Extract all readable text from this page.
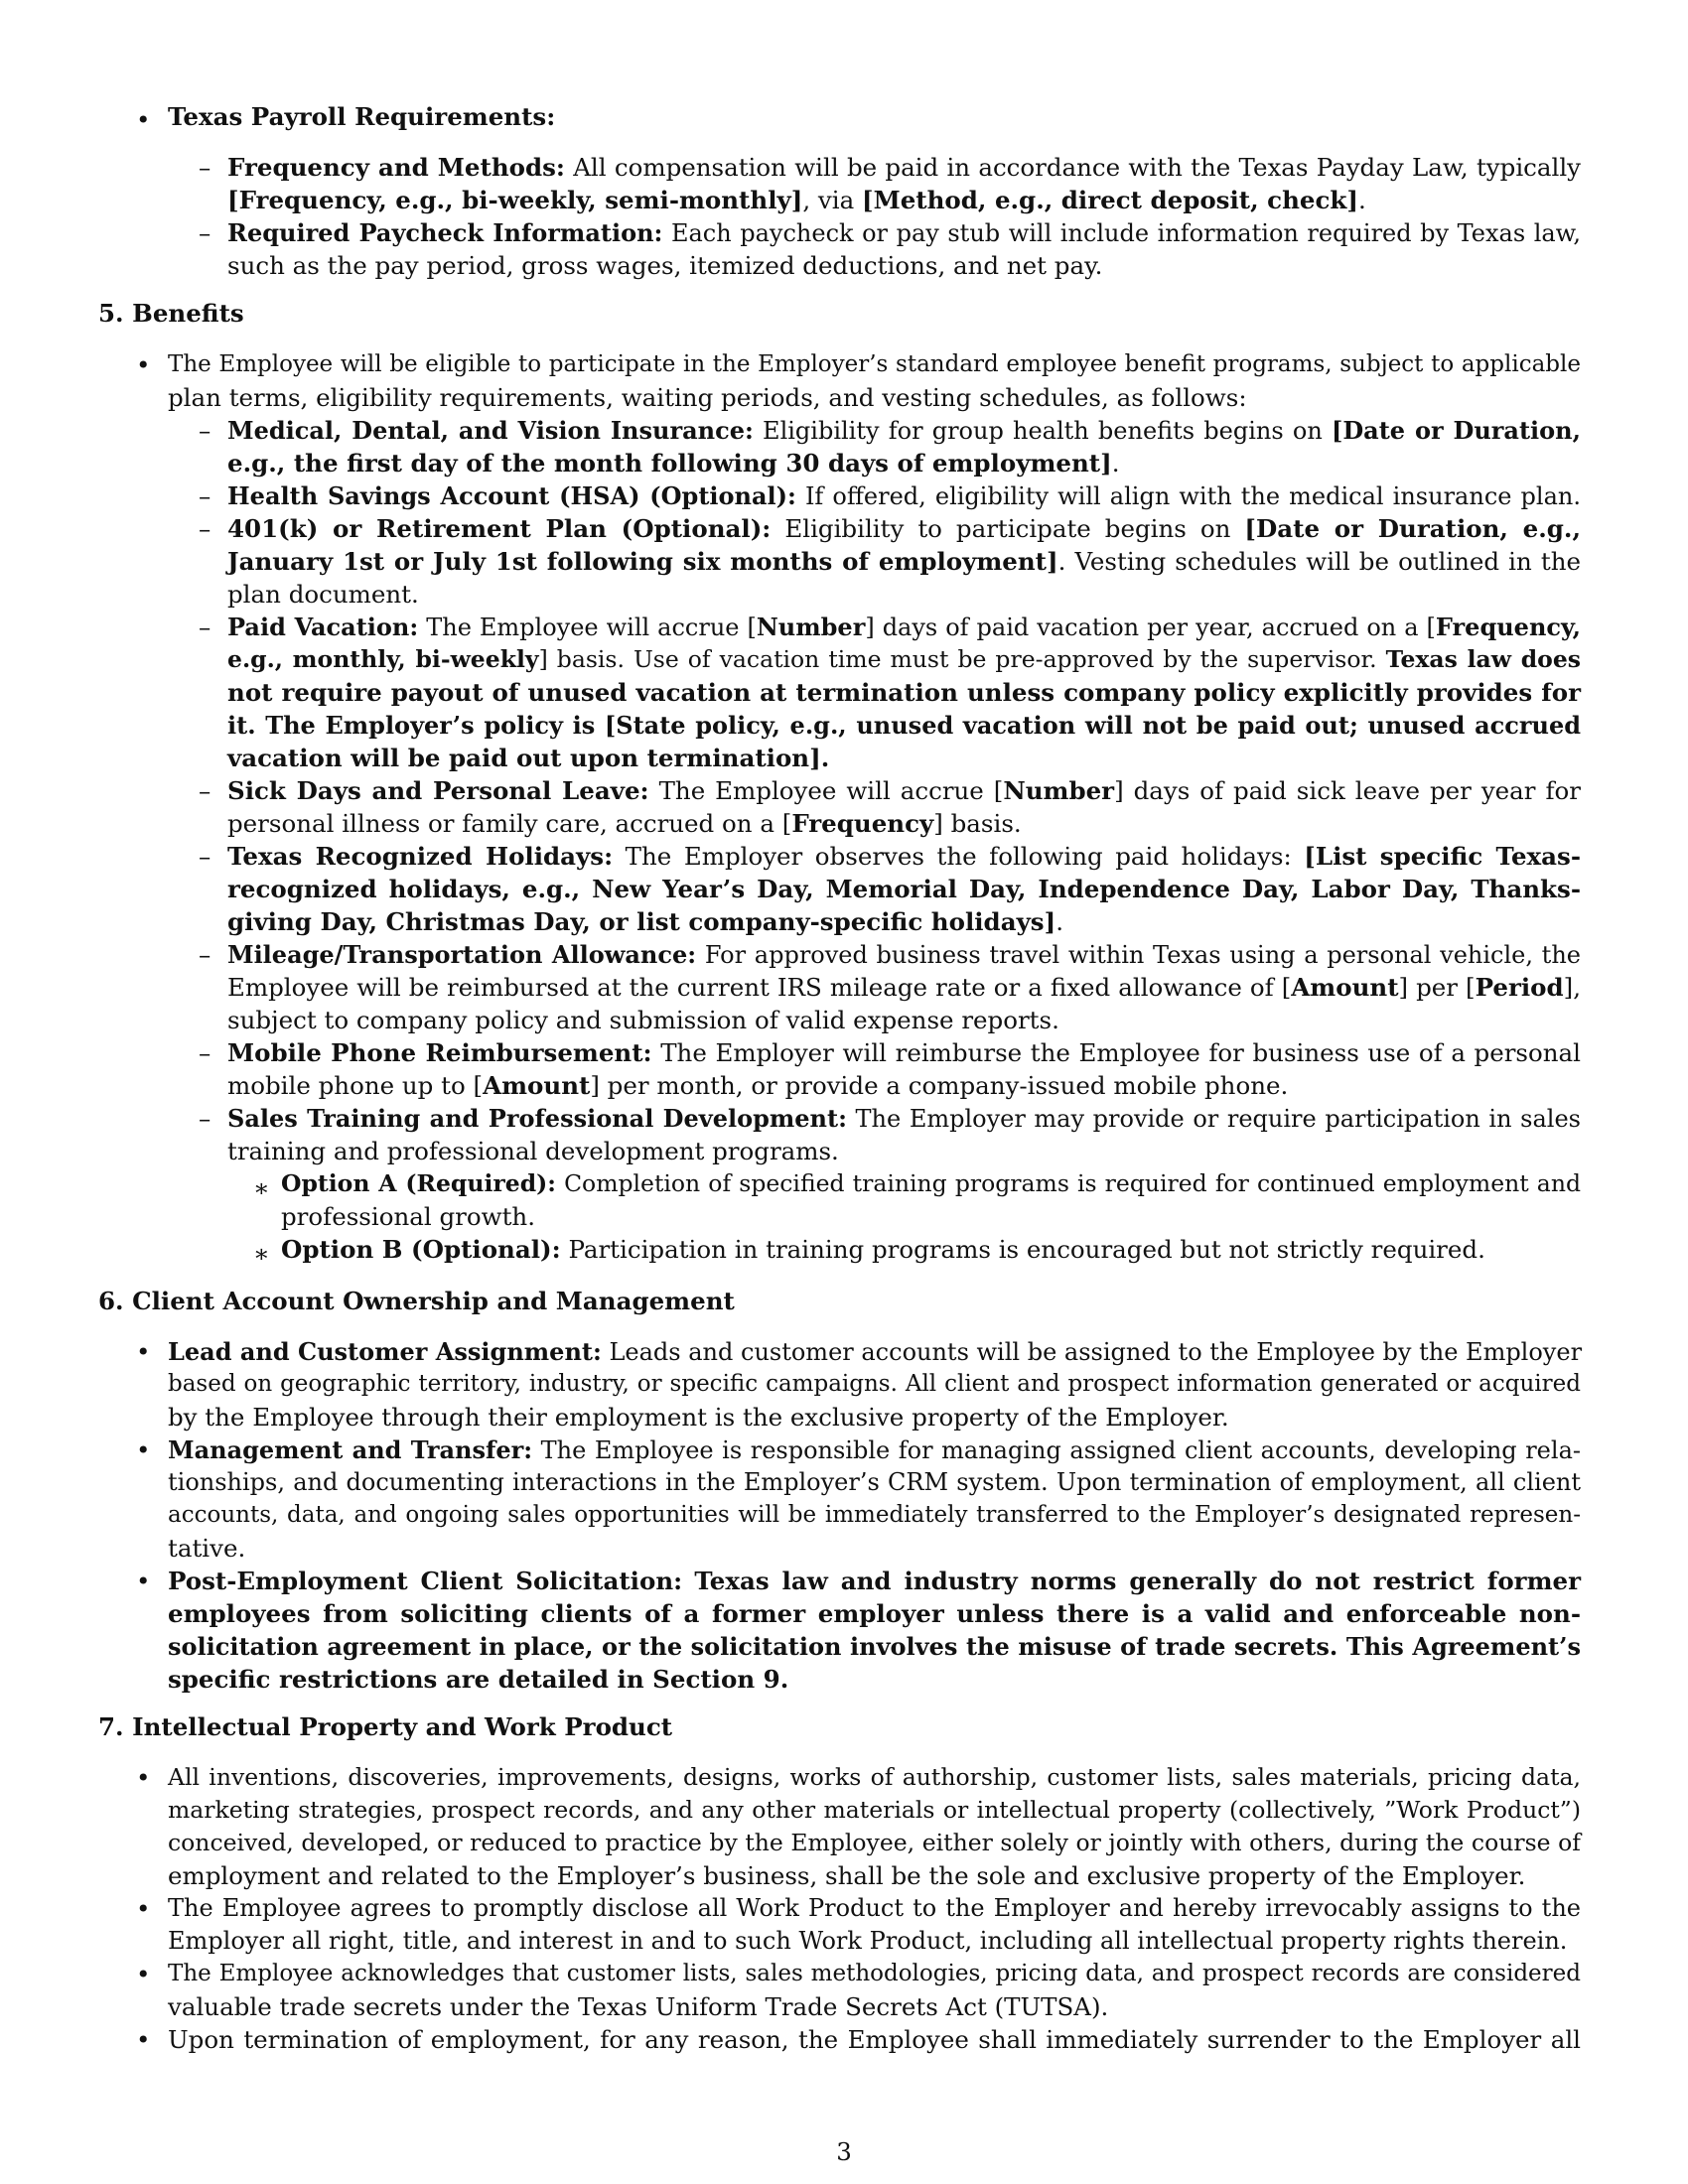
• Texas Payroll Requirements:
– Frequency and Methods: All compensation will be paid in accordance with the Texas Payday Law, typically
[Frequency, e.g., bi-weekly, semi-monthly], via [Method, e.g., direct deposit, check].
– Required Paycheck Information: Each paycheck or pay stub will include information required by Texas law,
such as the pay period, gross wages, itemized deductions, and net pay.
5. Benefits
• The Employee will be eligible to participate in the Employer’s standard employee benefit programs, subject to applicable
plan terms, eligibility requirements, waiting periods, and vesting schedules, as follows:
– Medical, Dental, and Vision Insurance: Eligibility for group health benefits begins on [Date or Duration,
e.g., the first day of the month following 30 days of employment].
– Health Savings Account (HSA) (Optional): If offered, eligibility will align with the medical insurance plan.
– 401(k) or Retirement Plan (Optional): Eligibility to participate begins on [Date or Duration, e.g.,
January 1st or July 1st following six months of employment]. Vesting schedules will be outlined in the
plan document.
– Paid Vacation: The Employee will accrue [Number] days of paid vacation per year, accrued on a [Frequency,
e.g., monthly, bi-weekly] basis. Use of vacation time must be pre-approved by the supervisor. Texas law does
not require payout of unused vacation at termination unless company policy explicitly provides for
it. The Employer’s policy is [State policy, e.g., unused vacation will not be paid out; unused accrued
vacation will be paid out upon termination].
– Sick Days and Personal Leave: The Employee will accrue [Number] days of paid sick leave per year for
personal illness or family care, accrued on a [Frequency] basis.
– Texas Recognized Holidays: The Employer observes the following paid holidays: [List specific Texas-
recognized holidays, e.g., New Year’s Day, Memorial Day, Independence Day, Labor Day, Thanks-
giving Day, Christmas Day, or list company-specific holidays].
– Mileage/Transportation Allowance: For approved business travel within Texas using a personal vehicle, the
Employee will be reimbursed at the current IRS mileage rate or a fixed allowance of [Amount] per [Period],
subject to company policy and submission of valid expense reports.
– Mobile Phone Reimbursement: The Employer will reimburse the Employee for business use of a personal
mobile phone up to [Amount] per month, or provide a company-issued mobile phone.
– Sales Training and Professional Development: The Employer may provide or require participation in sales
training and professional development programs.
∗ Option A (Required): Completion of specified training programs is required for continued employment and
professional growth.
∗ Option B (Optional): Participation in training programs is encouraged but not strictly required.
6. Client Account Ownership and Management
• Lead and Customer Assignment: Leads and customer accounts will be assigned to the Employee by the Employer
based on geographic territory, industry, or specific campaigns. All client and prospect information generated or acquired
by the Employee through their employment is the exclusive property of the Employer.
• Management and Transfer: The Employee is responsible for managing assigned client accounts, developing rela-
tionships, and documenting interactions in the Employer’s CRM system. Upon termination of employment, all client
accounts, data, and ongoing sales opportunities will be immediately transferred to the Employer’s designated represen-
tative.
• Post-Employment Client Solicitation: Texas law and industry norms generally do not restrict former
employees from soliciting clients of a former employer unless there is a valid and enforceable non-
solicitation agreement in place, or the solicitation involves the misuse of trade secrets. This Agreement’s
specific restrictions are detailed in Section 9.
7. Intellectual Property and Work Product
• All inventions, discoveries, improvements, designs, works of authorship, customer lists, sales materials, pricing data,
marketing strategies, prospect records, and any other materials or intellectual property (collectively, ”Work Product”)
conceived, developed, or reduced to practice by the Employee, either solely or jointly with others, during the course of
employment and related to the Employer’s business, shall be the sole and exclusive property of the Employer.
• The Employee agrees to promptly disclose all Work Product to the Employer and hereby irrevocably assigns to the
Employer all right, title, and interest in and to such Work Product, including all intellectual property rights therein.
• The Employee acknowledges that customer lists, sales methodologies, pricing data, and prospect records are considered
valuable trade secrets under the Texas Uniform Trade Secrets Act (TUTSA).
• Upon termination of employment, for any reason, the Employee shall immediately surrender to the Employer all
3
